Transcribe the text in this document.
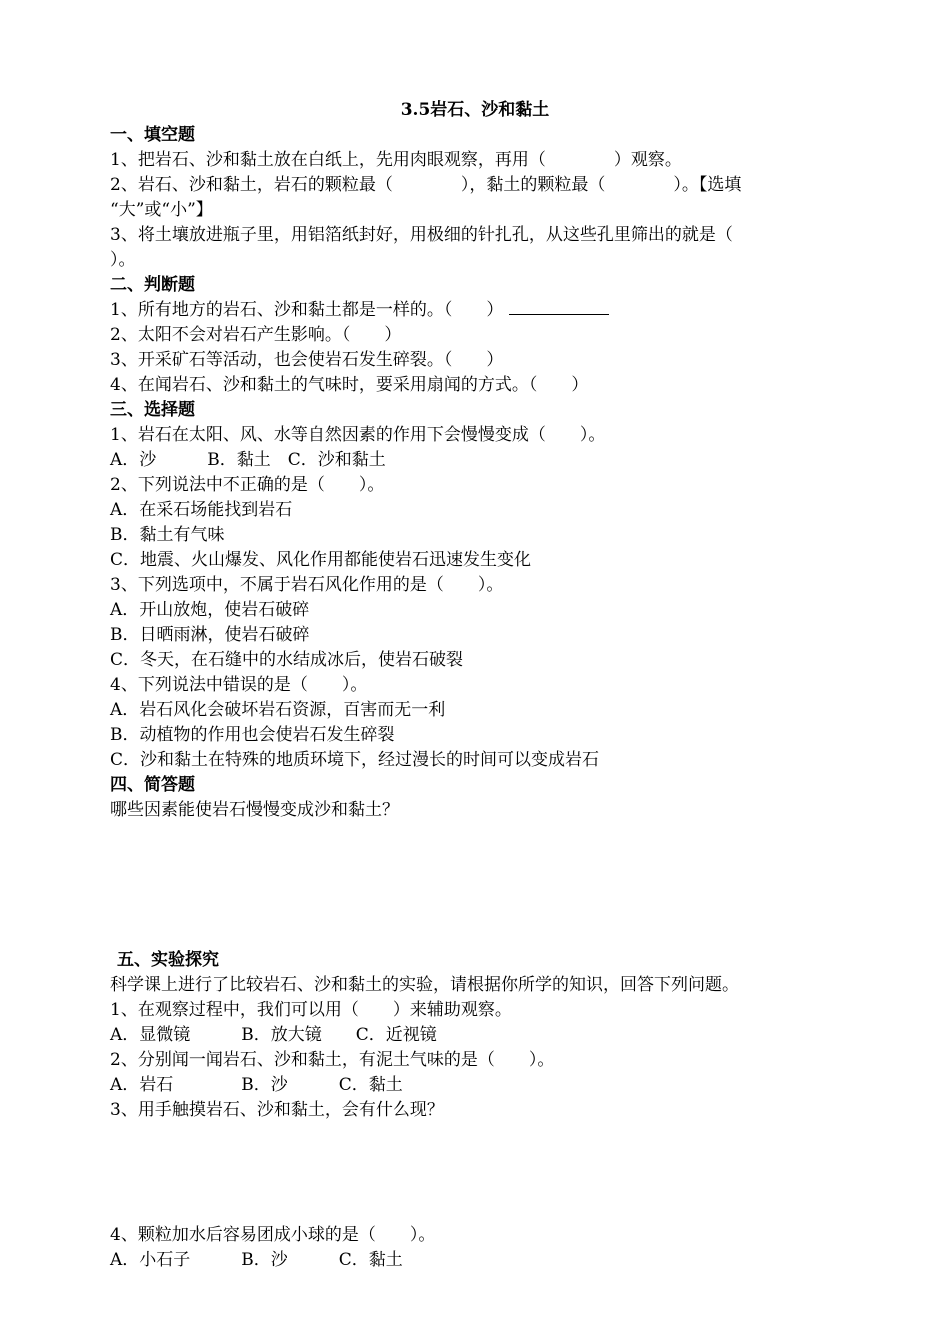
3.5岩石、沙和黏土
一、填空题
1、把岩石、沙和黏土放在白纸上，先用肉眼观察，再用（　　　　）观察。
2、岩石、沙和黏土，岩石的颗粒最（　　　　），黏土的颗粒最（　　　　）。【选填
“大”或“小”】
3、将土壤放进瓶子里，用铝箔纸封好，用极细的针扎孔，从这些孔里筛出的就是（
）。
二、判断题
1、所有地方的岩石、沙和黏土都是一样的。（　　）
2、太阳不会对岩石产生影响。（　　）
3、开采矿石等活动，也会使岩石发生碎裂。（　　）
4、在闻岩石、沙和黏土的气味时，要采用扇闻的方式。（　　）
三、选择题
1、岩石在太阳、风、水等自然因素的作用下会慢慢变成（　　）。
A．沙　　　B．黏土　C．沙和黏土
2、下列说法中不正确的是（　　）。
A．在采石场能找到岩石
B．黏土有气味
C．地震、火山爆发、风化作用都能使岩石迅速发生变化
3、下列选项中，不属于岩石风化作用的是（　　）。
A．开山放炮，使岩石破碎
B．日晒雨淋，使岩石破碎
C．冬天，在石缝中的水结成冰后，使岩石破裂
4、下列说法中错误的是（　　）。
A．岩石风化会破坏岩石资源，百害而无一利
B．动植物的作用也会使岩石发生碎裂
C．沙和黏土在特殊的地质环境下，经过漫长的时间可以变成岩石
四、简答题
哪些因素能使岩石慢慢变成沙和黏土？
五、实验探究
科学课上进行了比较岩石、沙和黏土的实验，请根据你所学的知识，回答下列问题。
1、在观察过程中，我们可以用（　　）来辅助观察。
A．显微镜　　　B．放大镜　　C．近视镜
2、分别闻一闻岩石、沙和黏土，有泥土气味的是（　　）。
A．岩石　　　　B．沙　　　C．黏土
3、用手触摸岩石、沙和黏土，会有什么现？
4、颗粒加水后容易团成小球的是（　　）。
A．小石子　　　B．沙　　　C．黏土
